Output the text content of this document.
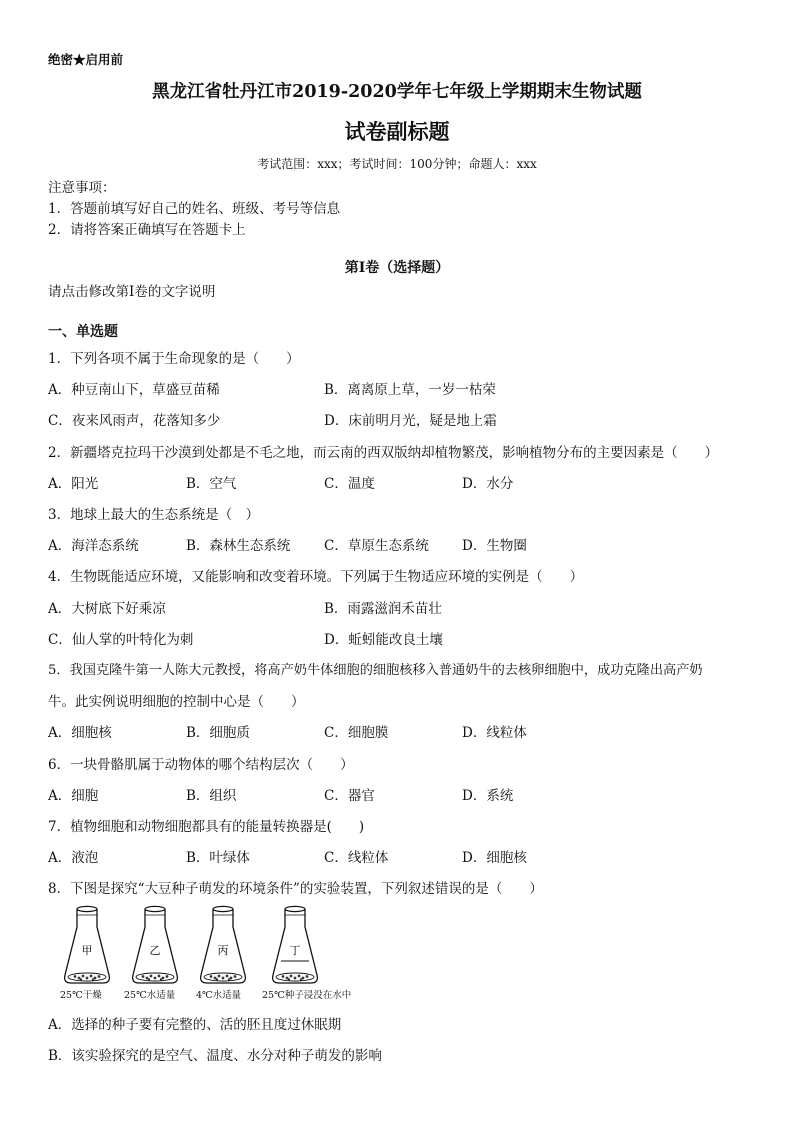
绝密★启用前
黑龙江省牡丹江市2019-2020学年七年级上学期期末生物试题
试卷副标题
考试范围：xxx；考试时间：100分钟；命题人：xxx
注意事项：
1．答题前填写好自己的姓名、班级、考号等信息
2．请将答案正确填写在答题卡上
第I卷（选择题）
请点击修改第I卷的文字说明
一、单选题
1．下列各项不属于生命现象的是（　　）
A．种豆南山下，草盛豆苗稀	B．离离原上草，一岁一枯荣
C．夜来风雨声，花落知多少	D．床前明月光，疑是地上霜
2．新疆塔克拉玛干沙漠到处都是不毛之地，而云南的西双版纳却植物繁茂，影响植物分布的主要因素是（　　）
A．阳光	B．空气	C．温度	D．水分
3．地球上最大的生态系统是（　）
A．海洋态系统	B．森林生态系统 C．草原生态系统 D．生物圈
4．生物既能适应环境，又能影响和改变着环境。下列属于生物适应环境的实例是（　　）
A．大树底下好乘凉	B．雨露滋润禾苗壮
C．仙人掌的叶特化为刺	D．蚯蚓能改良土壤
5．我国克隆牛第一人陈大元教授，将高产奶牛体细胞的细胞核移入普通奶牛的去核卵细胞中，成功克隆出高产奶
牛。此实例说明细胞的控制中心是（　　）
A．细胞核	B．细胞质	C．细胞膜	D．线粒体
6．一块骨骼肌属于动物体的哪个结构层次（　　）
A．细胞	B．组织	C．器官	D．系统
7．植物细胞和动物细胞都具有的能量转换器是(　　)
A．液泡	B．叶绿体	C．线粒体	D．细胞核
8．下图是探究“大豆种子萌发的环境条件”的实验装置，下列叙述错误的是（　　）
甲	乙	丙	丁
25℃干燥 25℃水适量 4℃水适量 25℃种子浸没在水中
A．选择的种子要有完整的、活的胚且度过休眠期
B．该实验探究的是空气、温度、水分对种子萌发的影响
